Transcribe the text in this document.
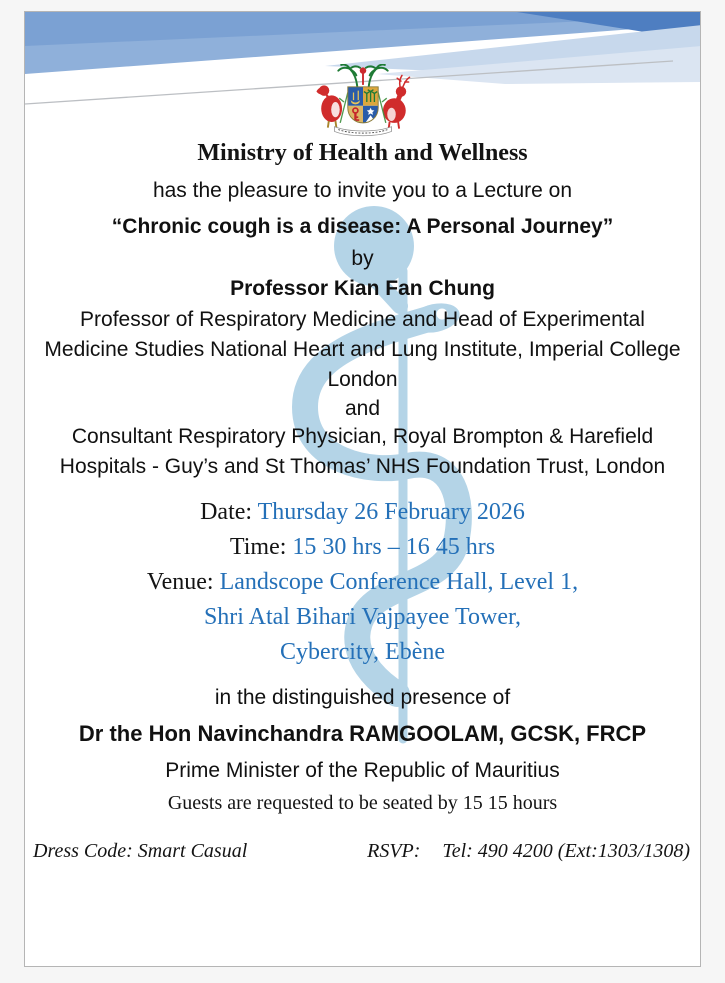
Ministry of Health and Wellness
has the pleasure to invite you to a Lecture on
“Chronic cough is a disease: A Personal Journey”
by
Professor Kian Fan Chung
Professor of Respiratory Medicine and Head of Experimental Medicine Studies National Heart and Lung Institute, Imperial College London
and
Consultant Respiratory Physician, Royal Brompton & Harefield Hospitals - Guy’s and St Thomas’ NHS Foundation Trust, London
Date: Thursday 26 February 2026
Time: 15 30 hrs – 16 45 hrs
Venue: Landscope Conference Hall, Level 1,
Shri Atal Bihari Vajpayee Tower,
Cybercity, Ebène
in the distinguished presence of
Dr the Hon Navinchandra RAMGOOLAM, GCSK, FRCP
Prime Minister of the Republic of Mauritius
Guests are requested to be seated by 15 15 hours
Dress Code: Smart Casual	RSVP: Tel: 490 4200 (Ext:1303/1308)
